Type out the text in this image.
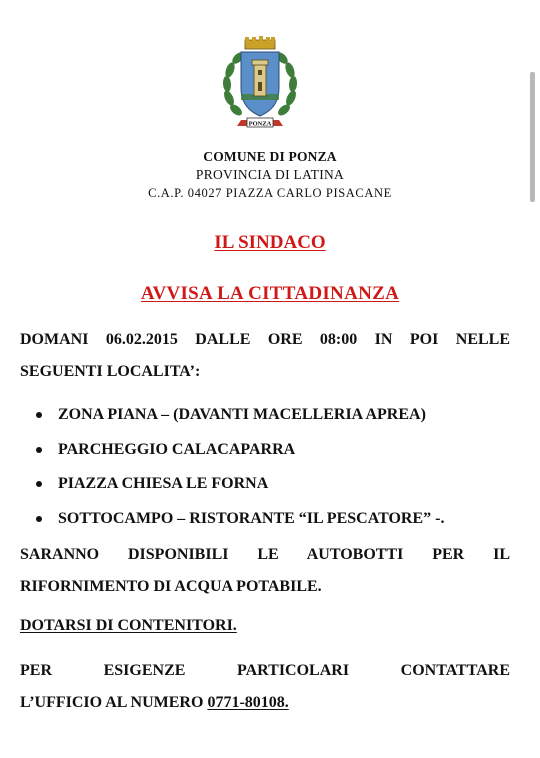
PONZA
COMUNE DI PONZA
PROVINCIA DI LATINA
C.A.P. 04027 PIAZZA CARLO PISACANE
IL SINDACO
AVVISA LA CITTADINANZA
DOMANI 06.02.2015 DALLE ORE 08:00 IN POI NELLE
SEGUENTI LOCALITA’:
ZONA PIANA – (DAVANTI MACELLERIA APREA)
PARCHEGGIO CALACAPARRA
PIAZZA CHIESA LE FORNA
SOTTOCAMPO – RISTORANTE “IL PESCATORE” -.
SARANNO DISPONIBILI LE AUTOBOTTI PER IL
RIFORNIMENTO DI ACQUA POTABILE.
DOTARSI DI CONTENITORI.
PER ESIGENZE PARTICOLARI CONTATTARE
L’UFFICIO AL NUMERO 0771-80108.
